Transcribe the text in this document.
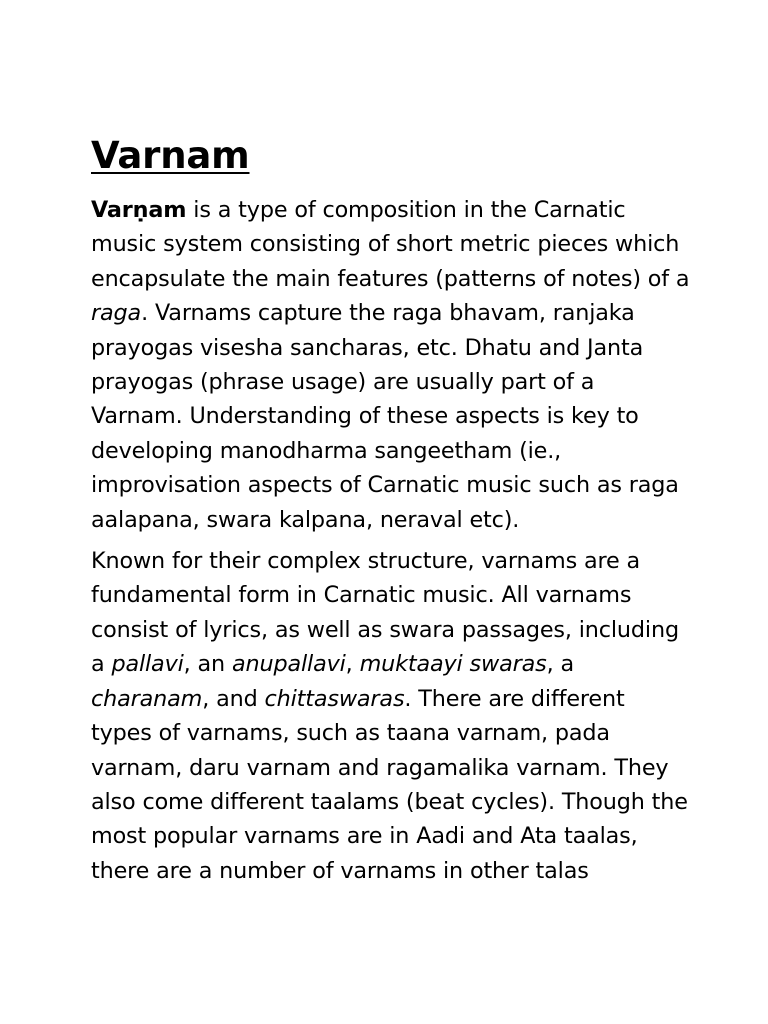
Varnam

Varṇam is a type of composition in the Carnatic music system consisting of short metric pieces which encapsulate the main features (patterns of notes) of a raga. Varnams capture the raga bhavam, ranjaka prayogas visesha sancharas, etc. Dhatu and Janta prayogas (phrase usage) are usually part of a Varnam. Understanding of these aspects is key to developing manodharma sangeetham (ie., improvisation aspects of Carnatic music such as raga aalapana, swara kalpana, neraval etc).

Known for their complex structure, varnams are a fundamental form in Carnatic music. All varnams consist of lyrics, as well as swara passages, including a pallavi, an anupallavi, muktaayi swaras, a charanam, and chittaswaras. There are different types of varnams, such as taana varnam, pada varnam, daru varnam and ragamalika varnam. They also come different taalams (beat cycles). Though the most popular varnams are in Aadi and Ata taalas, there are a number of varnams in other talas
